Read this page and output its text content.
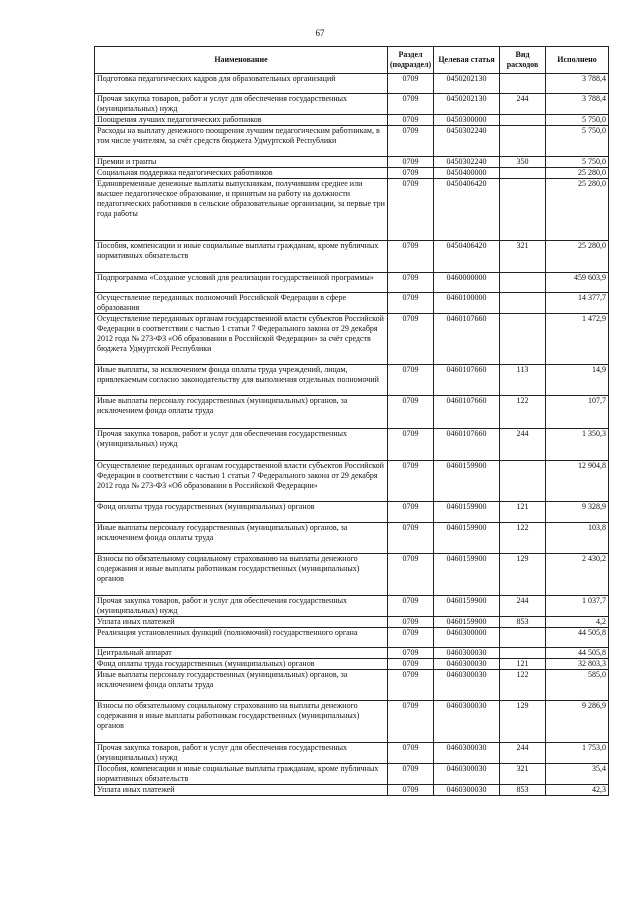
67
Наименование	Раздел (подраздел)	Целевая статья	Вид расходов	Исполнено
Подготовка педагогических кадров для образовательных организаций	0709	0450202130		3 788,4
Прочая закупка товаров, работ и услуг для обеспечения государственных (муниципальных) нужд	0709	0450202130	244	3 788,4
Поощрения лучших педагогических работников	0709	0450300000		5 750,0
Расходы на выплату денежного поощрения лучшим педагогическим работникам, в том числе учителям, за счёт средств бюджета Удмуртской Республики	0709	0450302240		5 750,0
Премии и гранты	0709	0450302240	350	5 750,0
Социальная поддержка педагогических работников	0709	0450400000		25 280,0
Единовременные денежные выплаты выпускникам, получившим среднее или высшее педагогическое образование, и принятым на работу на должности педагогических работников в сельские образовательные организации, за первые три года работы	0709	0450406420		25 280,0
Пособия, компенсации и иные социальные выплаты гражданам, кроме публичных нормативных обязательств	0709	0450406420	321	25 280,0
Подпрограмма «Создание условий для реализации государственной программы»	0709	0460000000		459 603,9
Осуществление переданных полномочий Российской Федерации в сфере образования	0709	0460100000		14 377,7
Осуществление переданных органам государственной власти субъектов Российской Федерации в соответствии с частью 1 статьи 7 Федерального закона от 29 декабря 2012 года № 273-ФЗ «Об образовании в Российской Федерации» за счёт средств бюджета Удмуртской Республики	0709	0460107660		1 472,9
Иные выплаты, за исключением фонда оплаты труда учреждений, лицам, привлекаемым согласно законодательству для выполнения отдельных полномочий	0709	0460107660	113	14,9
Иные выплаты персоналу государственных (муниципальных) органов, за исключением фонда оплаты труда	0709	0460107660	122	107,7
Прочая закупка товаров, работ и услуг для обеспечения государственных (муниципальных) нужд	0709	0460107660	244	1 350,3
Осуществление переданных органам государственной власти субъектов Российской Федерации в соответствии с частью 1 статьи 7 Федерального закона от 29 декабря 2012 года № 273-ФЗ «Об образовании в Российской Федерации»	0709	0460159900		12 904,8
Фонд оплаты труда государственных (муниципальных) органов	0709	0460159900	121	9 328,9
Иные выплаты персоналу государственных (муниципальных) органов, за исключением фонда оплаты труда	0709	0460159900	122	103,8
Взносы по обязательному социальному страхованию на выплаты денежного содержания и иные выплаты работникам государственных (муниципальных) органов	0709	0460159900	129	2 430,2
Прочая закупка товаров, работ и услуг для обеспечения государственных (муниципальных) нужд	0709	0460159900	244	1 037,7
Уплата иных платежей	0709	0460159900	853	4,2
Реализация установленных функций (полномочий) государственного органа	0709	0460300000		44 505,8
Центральный аппарат	0709	0460300030		44 505,8
Фонд оплаты труда государственных (муниципальных) органов	0709	0460300030	121	32 803,3
Иные выплаты персоналу государственных (муниципальных) органов, за исключением фонда оплаты труда	0709	0460300030	122	585,0
Взносы по обязательному социальному страхованию на выплаты денежного содержания и иные выплаты работникам государственных (муниципальных) органов	0709	0460300030	129	9 286,9
Прочая закупка товаров, работ и услуг для обеспечения государственных (муниципальных) нужд	0709	0460300030	244	1 753,0
Пособия, компенсации и иные социальные выплаты гражданам, кроме публичных нормативных обязательств	0709	0460300030	321	35,4
Уплата иных платежей	0709	0460300030	853	42,3
